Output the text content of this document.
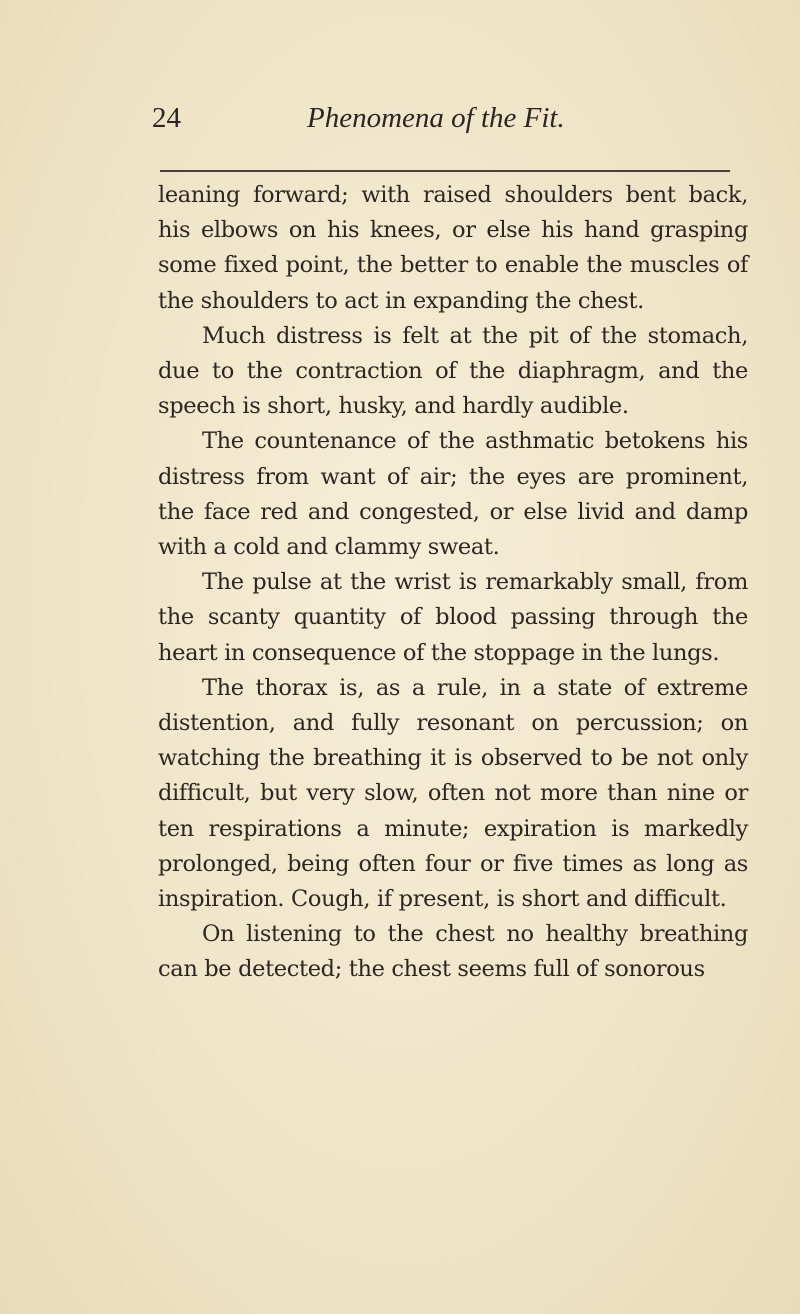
24	Phenomena of the Fit.

leaning forward; with raised shoulders bent back, his elbows on his knees, or else his hand grasping some fixed point, the better to enable the muscles of the shoulders to act in expanding the chest.

Much distress is felt at the pit of the stomach, due to the contraction of the diaphragm, and the speech is short, husky, and hardly audible.

The countenance of the asthmatic betokens his distress from want of air; the eyes are prominent, the face red and congested, or else livid and damp with a cold and clammy sweat.

The pulse at the wrist is remarkably small, from the scanty quantity of blood passing through the heart in consequence of the stoppage in the lungs.

The thorax is, as a rule, in a state of extreme distention, and fully resonant on percussion; on watching the breathing it is observed to be not only difficult, but very slow, often not more than nine or ten respirations a minute; expiration is markedly prolonged, being often four or five times as long as inspiration. Cough, if present, is short and difficult.

On listening to the chest no healthy breathing can be detected; the chest seems full of sonorous
